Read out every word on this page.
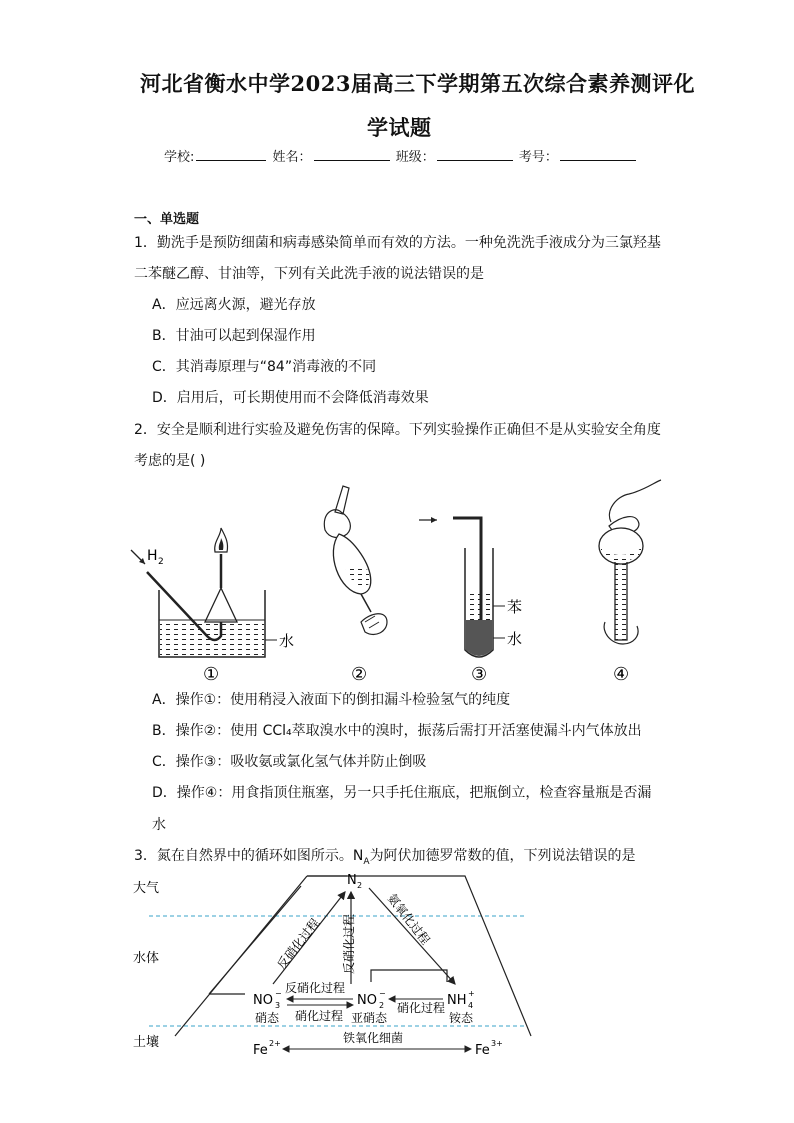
河北省衡水中学2023届高三下学期第五次综合素养测评化
学试题
学校:	姓名：	班级：	考号：
一、单选题
1．勤洗手是预防细菌和病毒感染简单而有效的方法。一种免洗洗手液成分为三氯羟基
二苯醚乙醇、甘油等，下列有关此洗手液的说法错误的是
A．应远离火源，避光存放
B．甘油可以起到保湿作用
C．其消毒原理与“84”消毒液的不同
D．启用后，可长期使用而不会降低消毒效果
2．安全是顺利进行实验及避免伤害的保障。下列实验操作正确但不是从实验安全角度
考虑的是( )
H 2
水
①	②
苯
水
③	④
A．操作①：使用稍浸入液面下的倒扣漏斗检验氢气的纯度
B．操作②：使用 CCl₄萃取溴水中的溴时，振荡后需打开活塞使漏斗内气体放出
C．操作③：吸收氨或氯化氢气体并防止倒吸
D．操作④：用食指顶住瓶塞，另一只手托住瓶底，把瓶倒立，检查容量瓶是否漏
水
3．氮在自然界中的循环如图所示。$N_A$为阿伏加德罗常数的值，下列说法错误的是
大气
水体
土壤
N 2
反硝化过程 反硝化过程 氨氧化过程
NO 3
−
硝态
NO 2
−
亚硝态
NH 4
+
铵态
反硝化过程
硝化过程
硝化过程
Fe 2+	Fe 3+
铁氧化细菌
